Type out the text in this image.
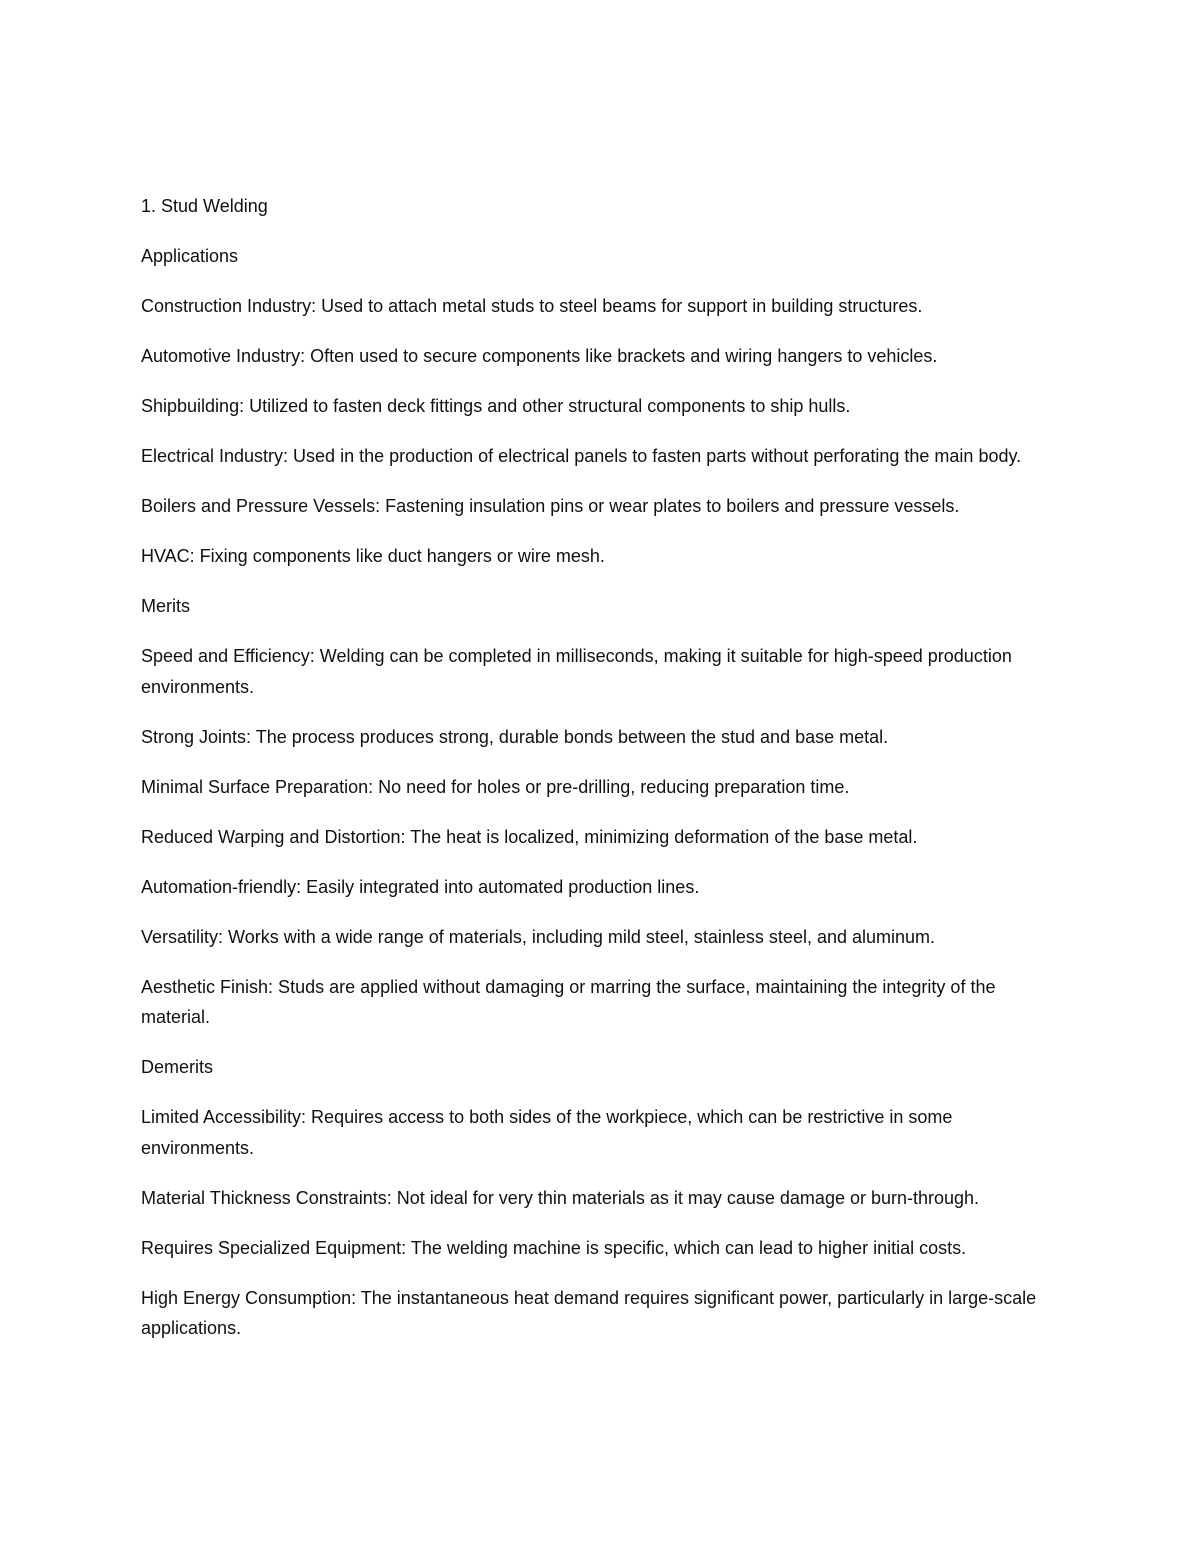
1. Stud Welding

Applications

Construction Industry: Used to attach metal studs to steel beams for support in building structures.

Automotive Industry: Often used to secure components like brackets and wiring hangers to vehicles.

Shipbuilding: Utilized to fasten deck fittings and other structural components to ship hulls.

Electrical Industry: Used in the production of electrical panels to fasten parts without perforating the main body.

Boilers and Pressure Vessels: Fastening insulation pins or wear plates to boilers and pressure vessels.

HVAC: Fixing components like duct hangers or wire mesh.

Merits

Speed and Efficiency: Welding can be completed in milliseconds, making it suitable for high-speed production environments.

Strong Joints: The process produces strong, durable bonds between the stud and base metal.

Minimal Surface Preparation: No need for holes or pre-drilling, reducing preparation time.

Reduced Warping and Distortion: The heat is localized, minimizing deformation of the base metal.

Automation-friendly: Easily integrated into automated production lines.

Versatility: Works with a wide range of materials, including mild steel, stainless steel, and aluminum.

Aesthetic Finish: Studs are applied without damaging or marring the surface, maintaining the integrity of the material.

Demerits

Limited Accessibility: Requires access to both sides of the workpiece, which can be restrictive in some environments.

Material Thickness Constraints: Not ideal for very thin materials as it may cause damage or burn-through.

Requires Specialized Equipment: The welding machine is specific, which can lead to higher initial costs.

High Energy Consumption: The instantaneous heat demand requires significant power, particularly in large-scale applications.
